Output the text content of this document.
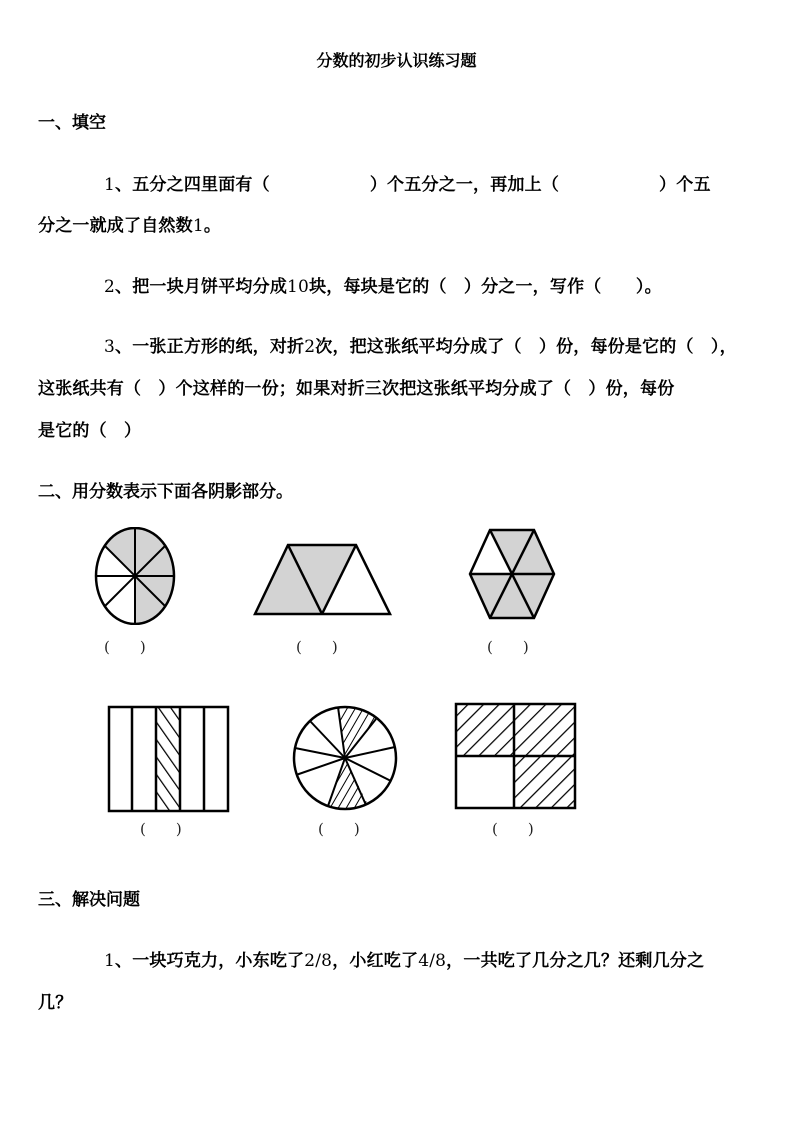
分数的初步认识练习题
一、填空
1、五分之四里面有（	）个五分之一，再加上（	）个五
分之一就成了自然数1。
2、把一块月饼平均分成10块，每块是它的（　）分之一，写作（　　）。
3、一张正方形的纸，对折2次，把这张纸平均分成了（　）份，每份是它的（　），
这张纸共有（　）个这样的一份；如果对折三次把这张纸平均分成了（　）份，每份
是它的（　）
二、用分数表示下面各阴影部分。
(　　)	(　　)	(　　)
(　　)	(　　)	(　　)
三、解决问题
1、一块巧克力，小东吃了2/8，小红吃了4/8，一共吃了几分之几？还剩几分之
几？
